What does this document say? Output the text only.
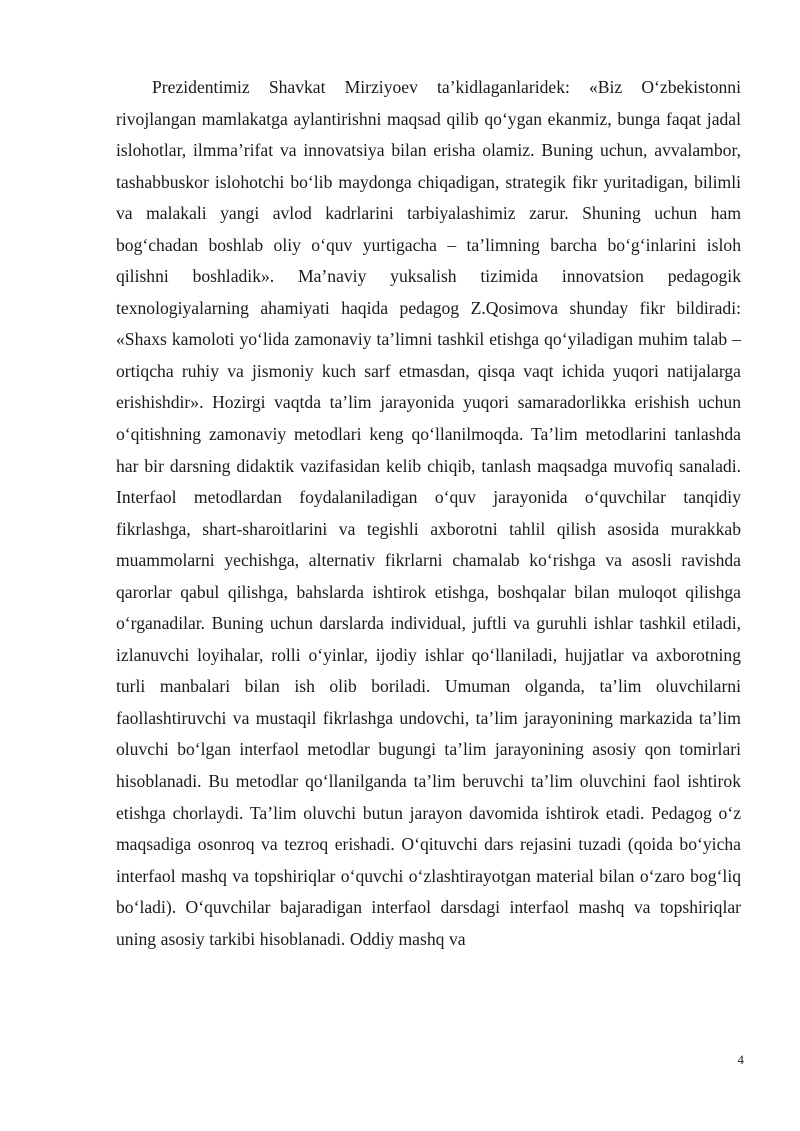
Prezidentimiz Shavkat Mirziyoev ta’kidlaganlaridek: «Biz O‘zbekistonni rivojlangan mamlakatga aylantirishni maqsad qilib qo‘ygan ekanmiz, bunga faqat jadal islohotlar, ilmma’rifat va innovatsiya bilan erisha olamiz. Buning uchun, avvalambor, tashabbuskor islohotchi bo‘lib maydonga chiqadigan, strategik fikr yuritadigan, bilimli va malakali yangi avlod kadrlarini tarbiyalashimiz zarur. Shuning uchun ham bog‘chadan boshlab oliy o‘quv yurtigacha – ta’limning barcha bo‘g‘inlarini isloh qilishni boshladik». Ma’naviy yuksalish tizimida innovatsion pedagogik texnologiyalarning ahamiyati haqida pedagog Z.Qosimova shunday fikr bildiradi: «Shaxs kamoloti yo‘lida zamonaviy ta’limni tashkil etishga qo‘yiladigan muhim talab – ortiqcha ruhiy va jismoniy kuch sarf etmasdan, qisqa vaqt ichida yuqori natijalarga erishishdir». Hozirgi vaqtda ta’lim jarayonida yuqori samaradorlikka erishish uchun o‘qitishning zamonaviy metodlari keng qo‘llanilmoqda. Ta’lim metodlarini tanlashda har bir darsning didaktik vazifasidan kelib chiqib, tanlash maqsadga muvofiq sanaladi. Interfaol metodlardan foydalaniladigan o‘quv jarayonida o‘quvchilar tanqidiy fikrlashga, shart-sharoitlarini va tegishli axborotni tahlil qilish asosida murakkab muammolarni yechishga, alternativ fikrlarni chamalab ko‘rishga va asosli ravishda qarorlar qabul qilishga, bahslarda ishtirok etishga, boshqalar bilan muloqot qilishga o‘rganadilar. Buning uchun darslarda individual, juftli va guruhli ishlar tashkil etiladi, izlanuvchi loyihalar, rolli o‘yinlar, ijodiy ishlar qo‘llaniladi, hujjatlar va axborotning turli manbalari bilan ish olib boriladi. Umuman olganda, ta’lim oluvchilarni faollashtiruvchi va mustaqil fikrlashga undovchi, ta’lim jarayonining markazida ta’lim oluvchi bo‘lgan interfaol metodlar bugungi ta’lim jarayonining asosiy qon tomirlari hisoblanadi. Bu metodlar qo‘llanilganda ta’lim beruvchi ta’lim oluvchini faol ishtirok etishga chorlaydi. Ta’lim oluvchi butun jarayon davomida ishtirok etadi. Pedagog o‘z maqsadiga osonroq va tezroq erishadi. O‘qituvchi dars rejasini tuzadi (qoida bo‘yicha interfaol mashq va topshiriqlar o‘quvchi o‘zlashtirayotgan material bilan o‘zaro bog‘liq bo‘ladi). O‘quvchilar bajaradigan interfaol darsdagi interfaol mashq va topshiriqlar uning asosiy tarkibi hisoblanadi. Oddiy mashq va

4
